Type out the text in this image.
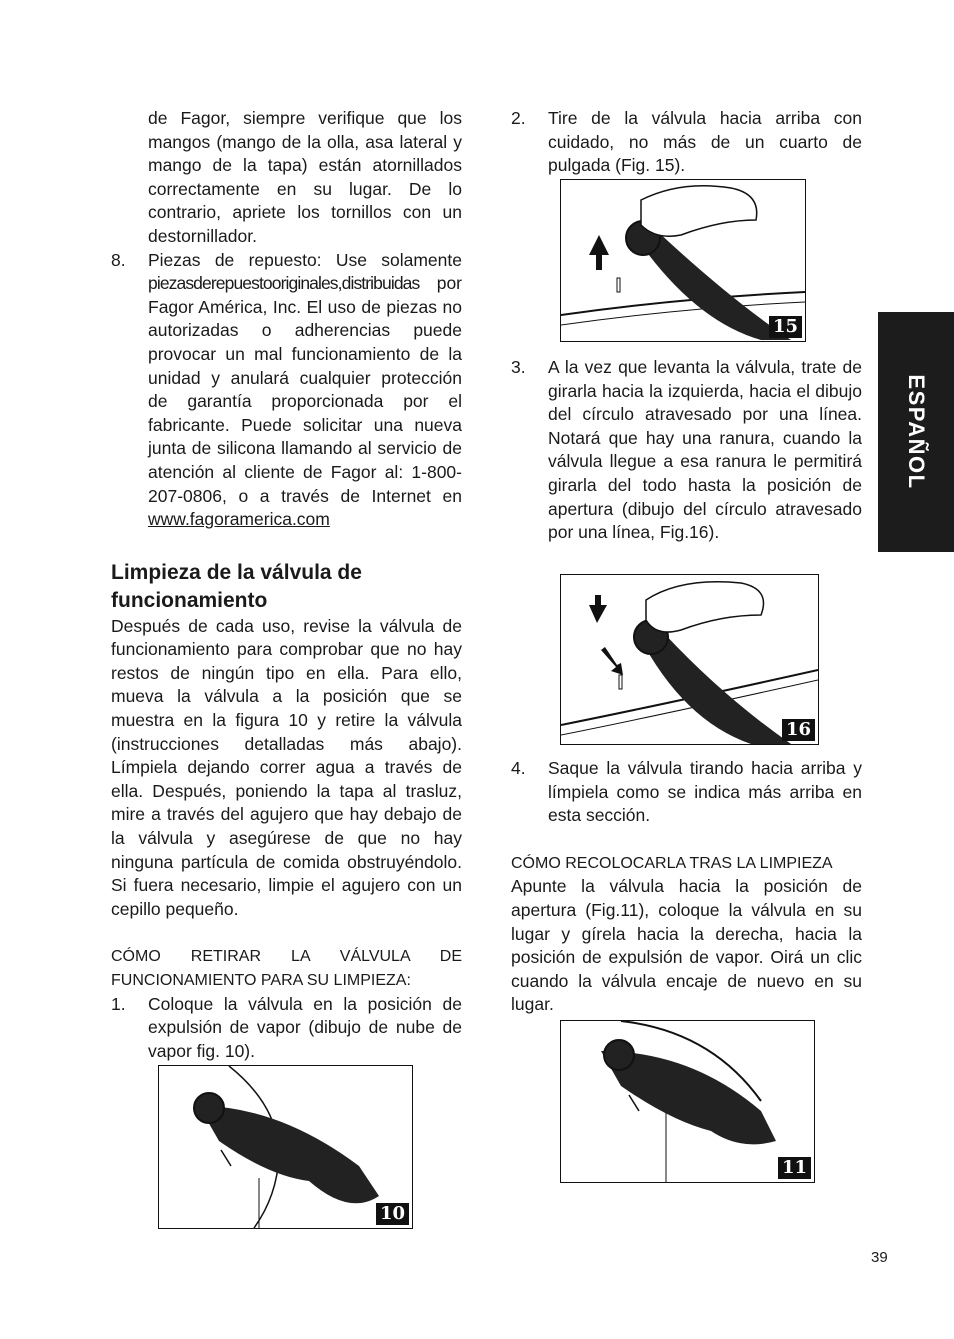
de Fagor, siempre verifique que los mangos (mango de la olla, asa lateral y mango de la tapa) están atornillados correctamente en su lugar. De lo contrario, apriete los tornillos con un destornillador.

8. Piezas de repuesto: Use solamente piezasderepuestooriginales,distribuidas por Fagor América, Inc. El uso de piezas no autorizadas o adherencias puede provocar un mal funcionamiento de la unidad y anulará cualquier protección de garantía proporcionada por el fabricante. Puede solicitar una nueva junta de silicona llamando al servicio de atención al cliente de Fagor al: 1-800-207-0806, o a través de Internet en www.fagoramerica.com
Limpieza de la válvula de funcionamiento

Después de cada uso, revise la válvula de funcionamiento para comprobar que no hay restos de ningún tipo en ella. Para ello, mueva la válvula a la posición que se muestra en la figura 10 y retire la válvula (instrucciones detalladas más abajo). Límpiela dejando correr agua a través de ella. Después, poniendo la tapa al trasluz, mire a través del agujero que hay debajo de la válvula y asegúrese de que no hay ninguna partícula de comida obstruyéndolo. Si fuera necesario, limpie el agujero con un cepillo pequeño.

CÓMO RETIRAR LA VÁLVULA DE FUNCIONAMIENTO PARA SU LIMPIEZA:

1. Coloque la válvula en la posición de expulsión de vapor (dibujo de nube de vapor fig. 10).
2. Tire de la válvula hacia arriba con cuidado, no más de un cuarto de pulgada (Fig. 15).
3. A la vez que levanta la válvula, trate de girarla hacia la izquierda, hacia el dibujo del círculo atravesado por una línea. Notará que hay una ranura, cuando la válvula llegue a esa ranura le permitirá girarla del todo hasta la posición de apertura (dibujo del círculo atravesado por una línea, Fig.16).
4. Saque la válvula tirando hacia arriba y límpiela como se indica más arriba en esta sección.

CÓMO RECOLOCARLA TRAS LA LIMPIEZA

Apunte la válvula hacia la posición de apertura (Fig.11), coloque la válvula en su lugar y gírela hacia la derecha, hacia la posición de expulsión de vapor. Oirá un clic cuando la válvula encaje de nuevo en su lugar.

15
16
10
11
ESPAÑOL
39
